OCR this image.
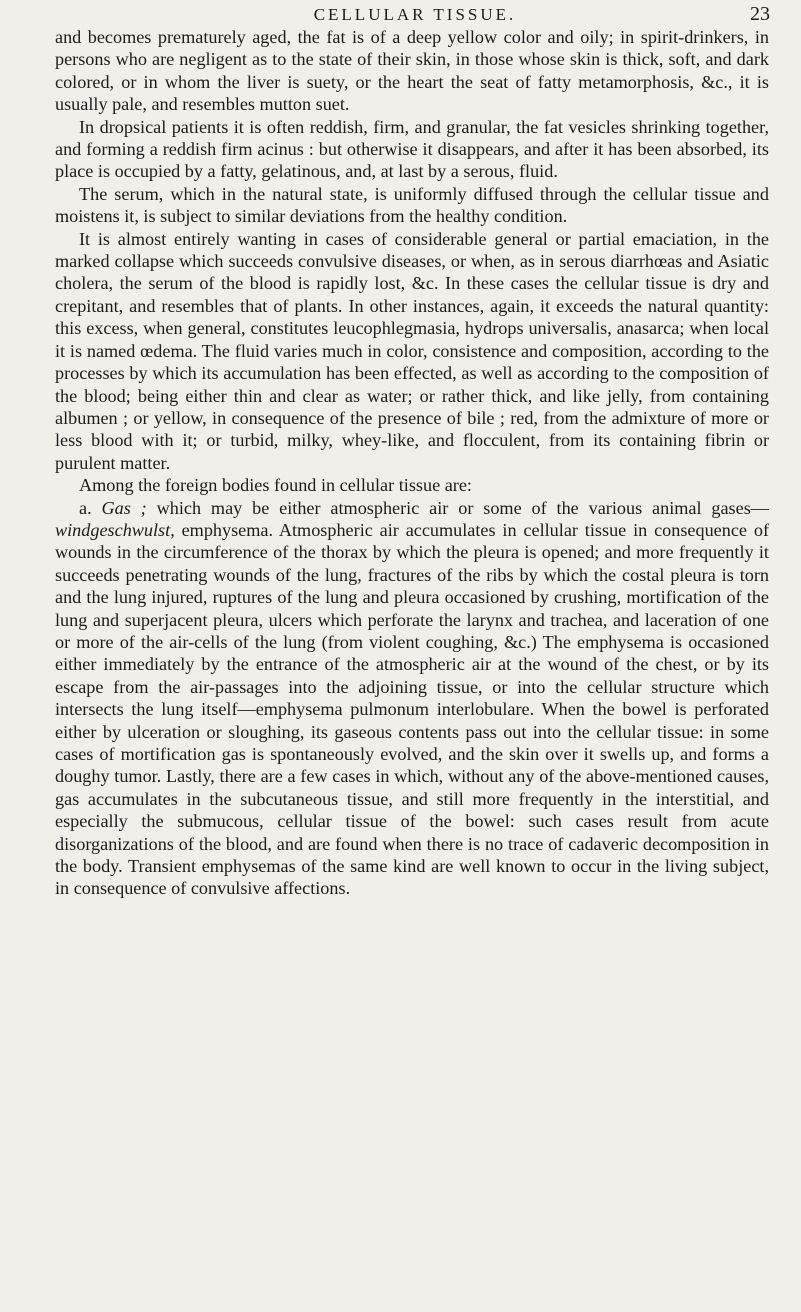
CELLULAR TISSUE.	23

and becomes prematurely aged, the fat is of a deep yellow color and oily; in spirit-drinkers, in persons who are negligent as to the state of their skin, in those whose skin is thick, soft, and dark colored, or in whom the liver is suety, or the heart the seat of fatty metamorphosis, &c., it is usually pale, and resembles mutton suet.

In dropsical patients it is often reddish, firm, and granular, the fat vesicles shrinking together, and forming a reddish firm acinus : but otherwise it disappears, and after it has been absorbed, its place is occupied by a fatty, gelatinous, and, at last by a serous, fluid.

The serum, which in the natural state, is uniformly diffused through the cellular tissue and moistens it, is subject to similar deviations from the healthy condition.

It is almost entirely wanting in cases of considerable general or partial emaciation, in the marked collapse which succeeds convulsive diseases, or when, as in serous diarrhœas and Asiatic cholera, the serum of the blood is rapidly lost, &c. In these cases the cellular tissue is dry and crepitant, and resembles that of plants. In other instances, again, it exceeds the natural quantity: this excess, when general, constitutes leucophlegmasia, hydrops universalis, anasarca; when local it is named œdema. The fluid varies much in color, consistence and composition, according to the processes by which its accumulation has been effected, as well as according to the composition of the blood; being either thin and clear as water; or rather thick, and like jelly, from containing albumen ; or yellow, in consequence of the presence of bile ; red, from the admixture of more or less blood with it; or turbid, milky, whey-like, and flocculent, from its containing fibrin or purulent matter.

Among the foreign bodies found in cellular tissue are:

a. Gas ; which may be either atmospheric air or some of the various animal gases—windgeschwulst, emphysema. Atmospheric air accumulates in cellular tissue in consequence of wounds in the circumference of the thorax by which the pleura is opened; and more frequently it succeeds penetrating wounds of the lung, fractures of the ribs by which the costal pleura is torn and the lung injured, ruptures of the lung and pleura occasioned by crushing, mortification of the lung and superjacent pleura, ulcers which perforate the larynx and trachea, and laceration of one or more of the air-cells of the lung (from violent coughing, &c.) The emphysema is occasioned either immediately by the entrance of the atmospheric air at the wound of the chest, or by its escape from the air-passages into the adjoining tissue, or into the cellular structure which intersects the lung itself—emphysema pulmonum interlobulare. When the bowel is perforated either by ulceration or sloughing, its gaseous contents pass out into the cellular tissue: in some cases of mortification gas is spontaneously evolved, and the skin over it swells up, and forms a doughy tumor. Lastly, there are a few cases in which, without any of the above-mentioned causes, gas accumulates in the subcutaneous tissue, and still more frequently in the interstitial, and especially the submucous, cellular tissue of the bowel: such cases result from acute disorganizations of the blood, and are found when there is no trace of cadaveric decomposition in the body. Transient emphysemas of the same kind are well known to occur in the living subject, in consequence of convulsive affections.
